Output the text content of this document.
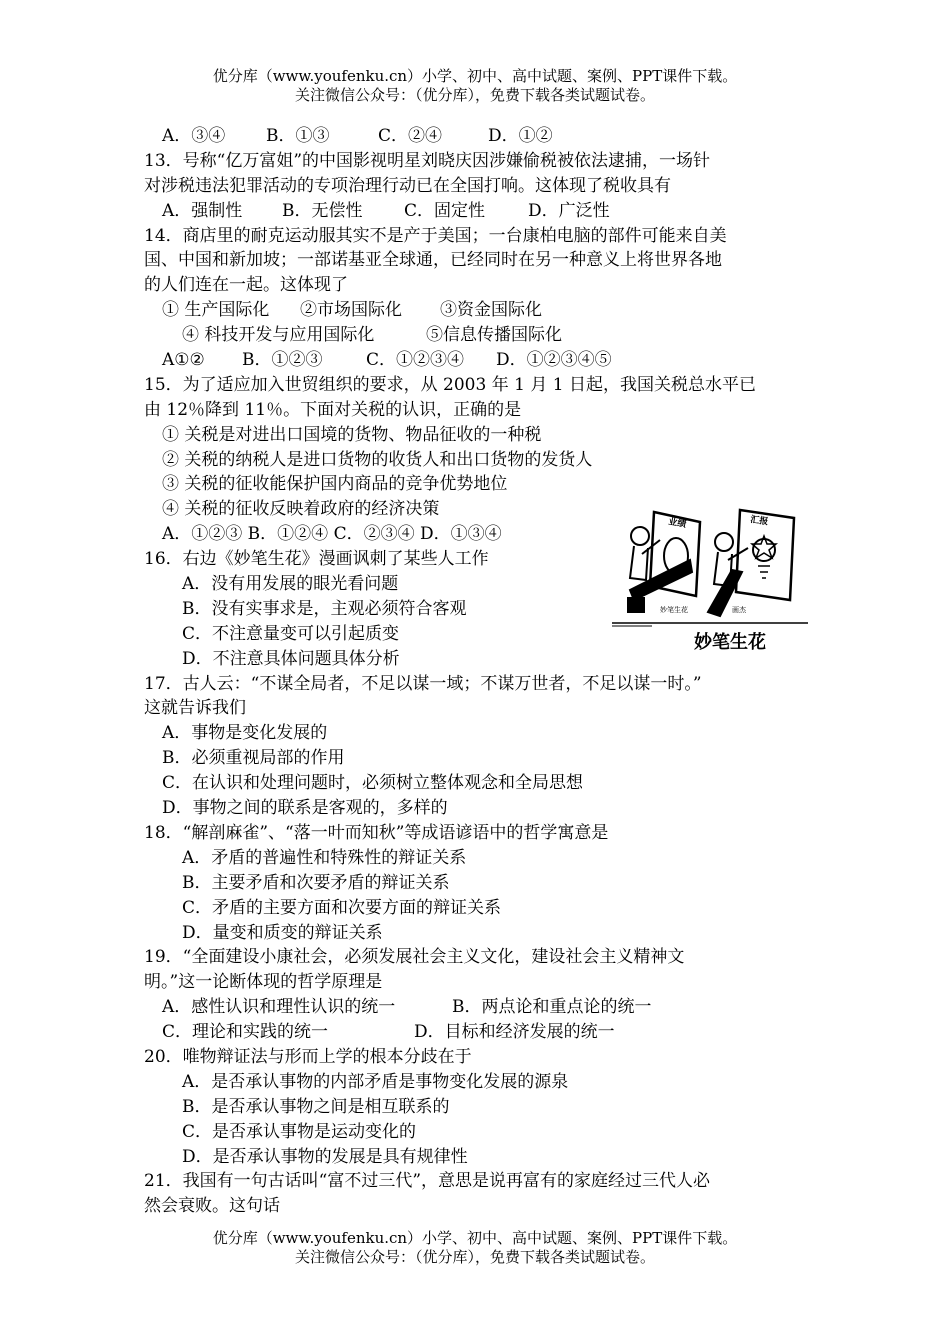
优分库（www.youfenku.cn）小学、初中、高中试题、案例、PPT课件下载。
关注微信公众号：（优分库），免费下载各类试题试卷。
A．③④ B．①③	C．②④	D．①②
13．号称“亿万富姐”的中国影视明星刘晓庆因涉嫌偷税被依法逮捕，一场针
对涉税违法犯罪活动的专项治理行动已在全国打响。这体现了税收具有
A．强制性 B．无偿性 C．固定性	D．广泛性
14．商店里的耐克运动服其实不是产于美国；一台康柏电脑的部件可能来自美
国、中国和新加坡；一部诺基亚全球通，已经同时在另一种意义上将世界各地
的人们连在一起。这体现了
① 生产国际化 ②市场国际化 ③资金国际化
④ 科技开发与应用国际化	⑤信息传播国际化
A①② B．①②③	C．①②③④ D．①②③④⑤
15．为了适应加入世贸组织的要求，从 2003 年 1 月 1 日起，我国关税总水平已
由 12％降到 11％。下面对关税的认识，正确的是
① 关税是对进出口国境的货物、物品征收的一种税
② 关税的纳税人是进口货物的收货人和出口货物的发货人
③ 关税的征收能保护国内商品的竞争优势地位
④ 关税的征收反映着政府的经济决策
A．①②③ B．①②④ C．②③④ D．①③④
16．右边《妙笔生花》漫画讽刺了某些人工作
A．没有用发展的眼光看问题
B．没有实事求是，主观必须符合客观
C．不注意量变可以引起质变
D．不注意具体问题具体分析
17．古人云：“不谋全局者，不足以谋一域；不谋万世者，不足以谋一时。”
这就告诉我们
A．事物是变化发展的
B．必须重视局部的作用
C．在认识和处理问题时，必须树立整体观念和全局思想
D．事物之间的联系是客观的，多样的
18．“解剖麻雀”、“落一叶而知秋”等成语谚语中的哲学寓意是
A．矛盾的普遍性和特殊性的辩证关系
B．主要矛盾和次要矛盾的辩证关系
C．矛盾的主要方面和次要方面的辩证关系
D．量变和质变的辩证关系
19．“全面建设小康社会，必须发展社会主义文化，建设社会主义精神文
明。”这一论断体现的哲学原理是
A．感性认识和理性认识的统一	B．两点论和重点论的统一
C．理论和实践的统一	D．目标和经济发展的统一
20．唯物辩证法与形而上学的根本分歧在于
A．是否承认事物的内部矛盾是事物变化发展的源泉
B．是否承认事物之间是相互联系的
C．是否承认事物是运动变化的
D．是否承认事物的发展是具有规律性
21．我国有一句古话叫“富不过三代”，意思是说再富有的家庭经过三代人必
然会衰败。这句话
业绩	汇报
妙笔生花	画杰
妙笔生花
优分库（www.youfenku.cn）小学、初中、高中试题、案例、PPT课件下载。
关注微信公众号：（优分库），免费下载各类试题试卷。
